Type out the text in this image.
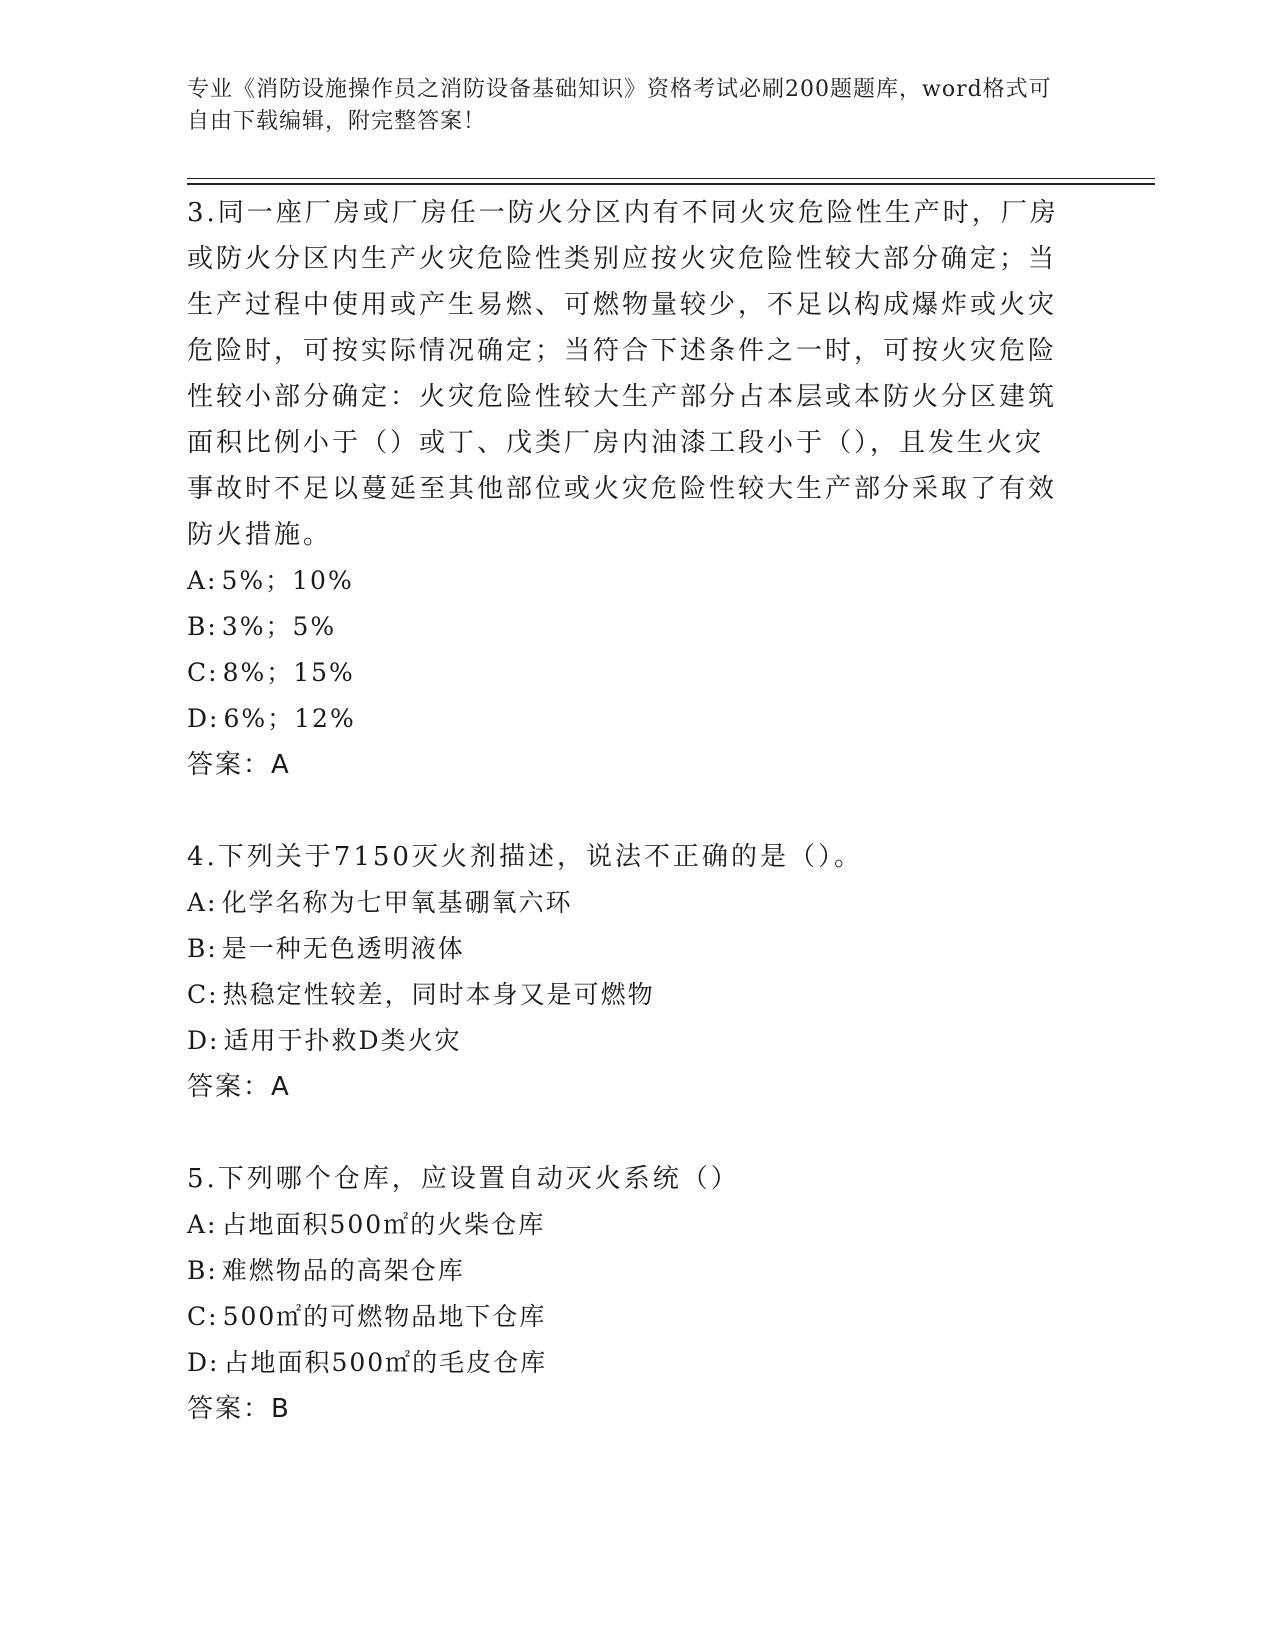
专业《消防设施操作员之消防设备基础知识》资格考试必刷200题题库，word格式可自由下载编辑，附完整答案！

3.同一座厂房或厂房任一防火分区内有不同火灾危险性生产时，厂房或防火分区内生产火灾危险性类别应按火灾危险性较大部分确定；当生产过程中使用或产生易燃、可燃物量较少，不足以构成爆炸或火灾危险时，可按实际情况确定；当符合下述条件之一时，可按火灾危险性较小部分确定：火灾危险性较大生产部分占本层或本防火分区建筑面积比例小于（）或丁、戊类厂房内油漆工段小于（），且发生火灾事故时不足以蔓延至其他部位或火灾危险性较大生产部分采取了有效防火措施。

A: 5%；10%

B: 3%；5%

C: 8%；15%

D: 6%；12%

答案：A

4.下列关于7150灭火剂描述，说法不正确的是（）。

A: 化学名称为七甲氧基硼氧六环

B: 是一种无色透明液体

C: 热稳定性较差，同时本身又是可燃物

D: 适用于扑救D类火灾

答案：A

5.下列哪个仓库，应设置自动灭火系统（）

A: 占地面积500㎡的火柴仓库

B: 难燃物品的高架仓库

C: 500㎡的可燃物品地下仓库

D: 占地面积500㎡的毛皮仓库

答案：B
